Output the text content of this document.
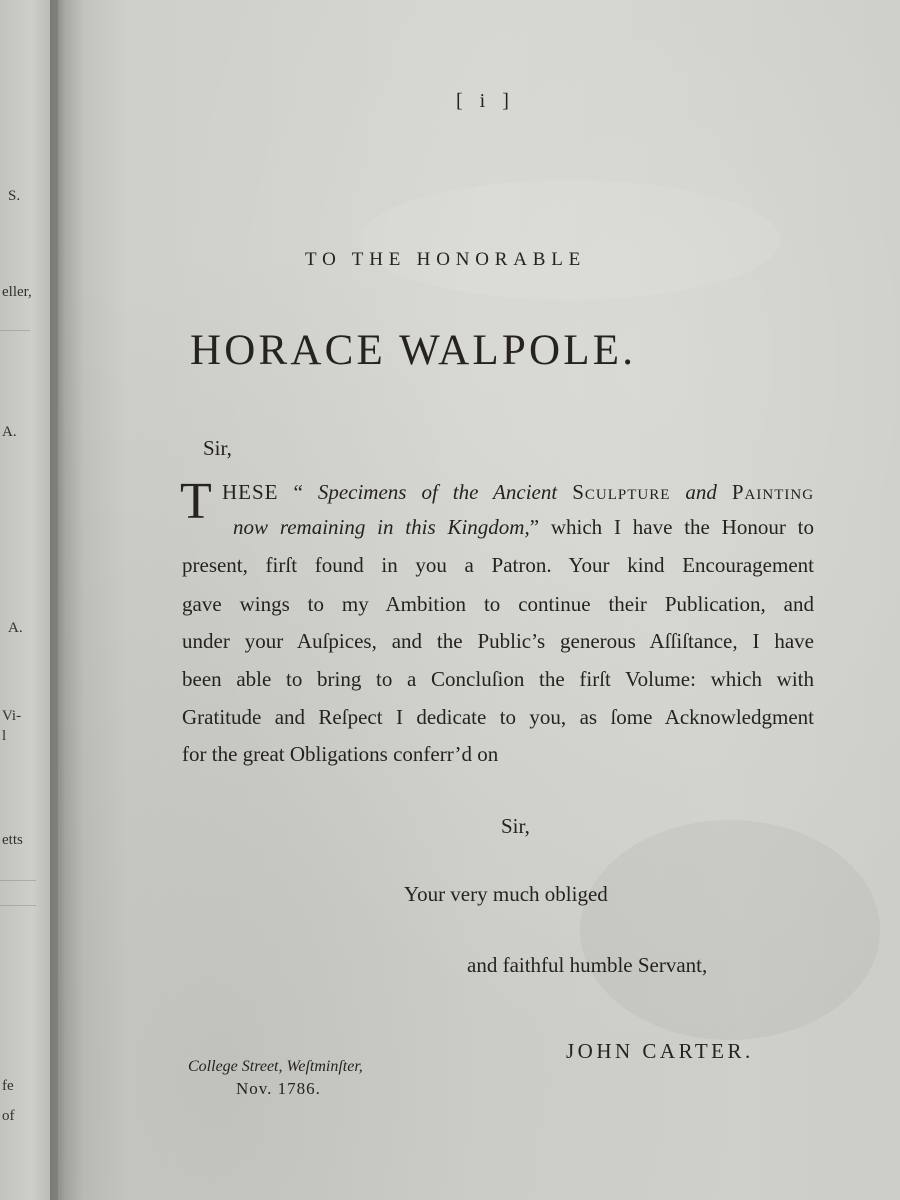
S.
eller,
A.
A.
Vi-
l
etts
fe
of
[ i ]
TO THE HONORABLE
HORACE WALPOLE.
Sir,
T HESE “ Specimens of the Ancient Sculpture and Painting
now remaining in this Kingdom,” which I have the Honour to
present, firſt found in you a Patron. Your kind Encouragement
gave wings to my Ambition to continue their Publication, and
under your Auſpices, and the Public’s generous Aſſiſtance, I have
been able to bring to a Concluſion the firſt Volume: which with
Gratitude and Reſpect I dedicate to you, as ſome Acknowledgment
for the great Obligations conferr’d on
Sir,
Your very much obliged
and faithful humble Servant,
JOHN CARTER.
College Street, Weſtminſter,
Nov. 1786.
